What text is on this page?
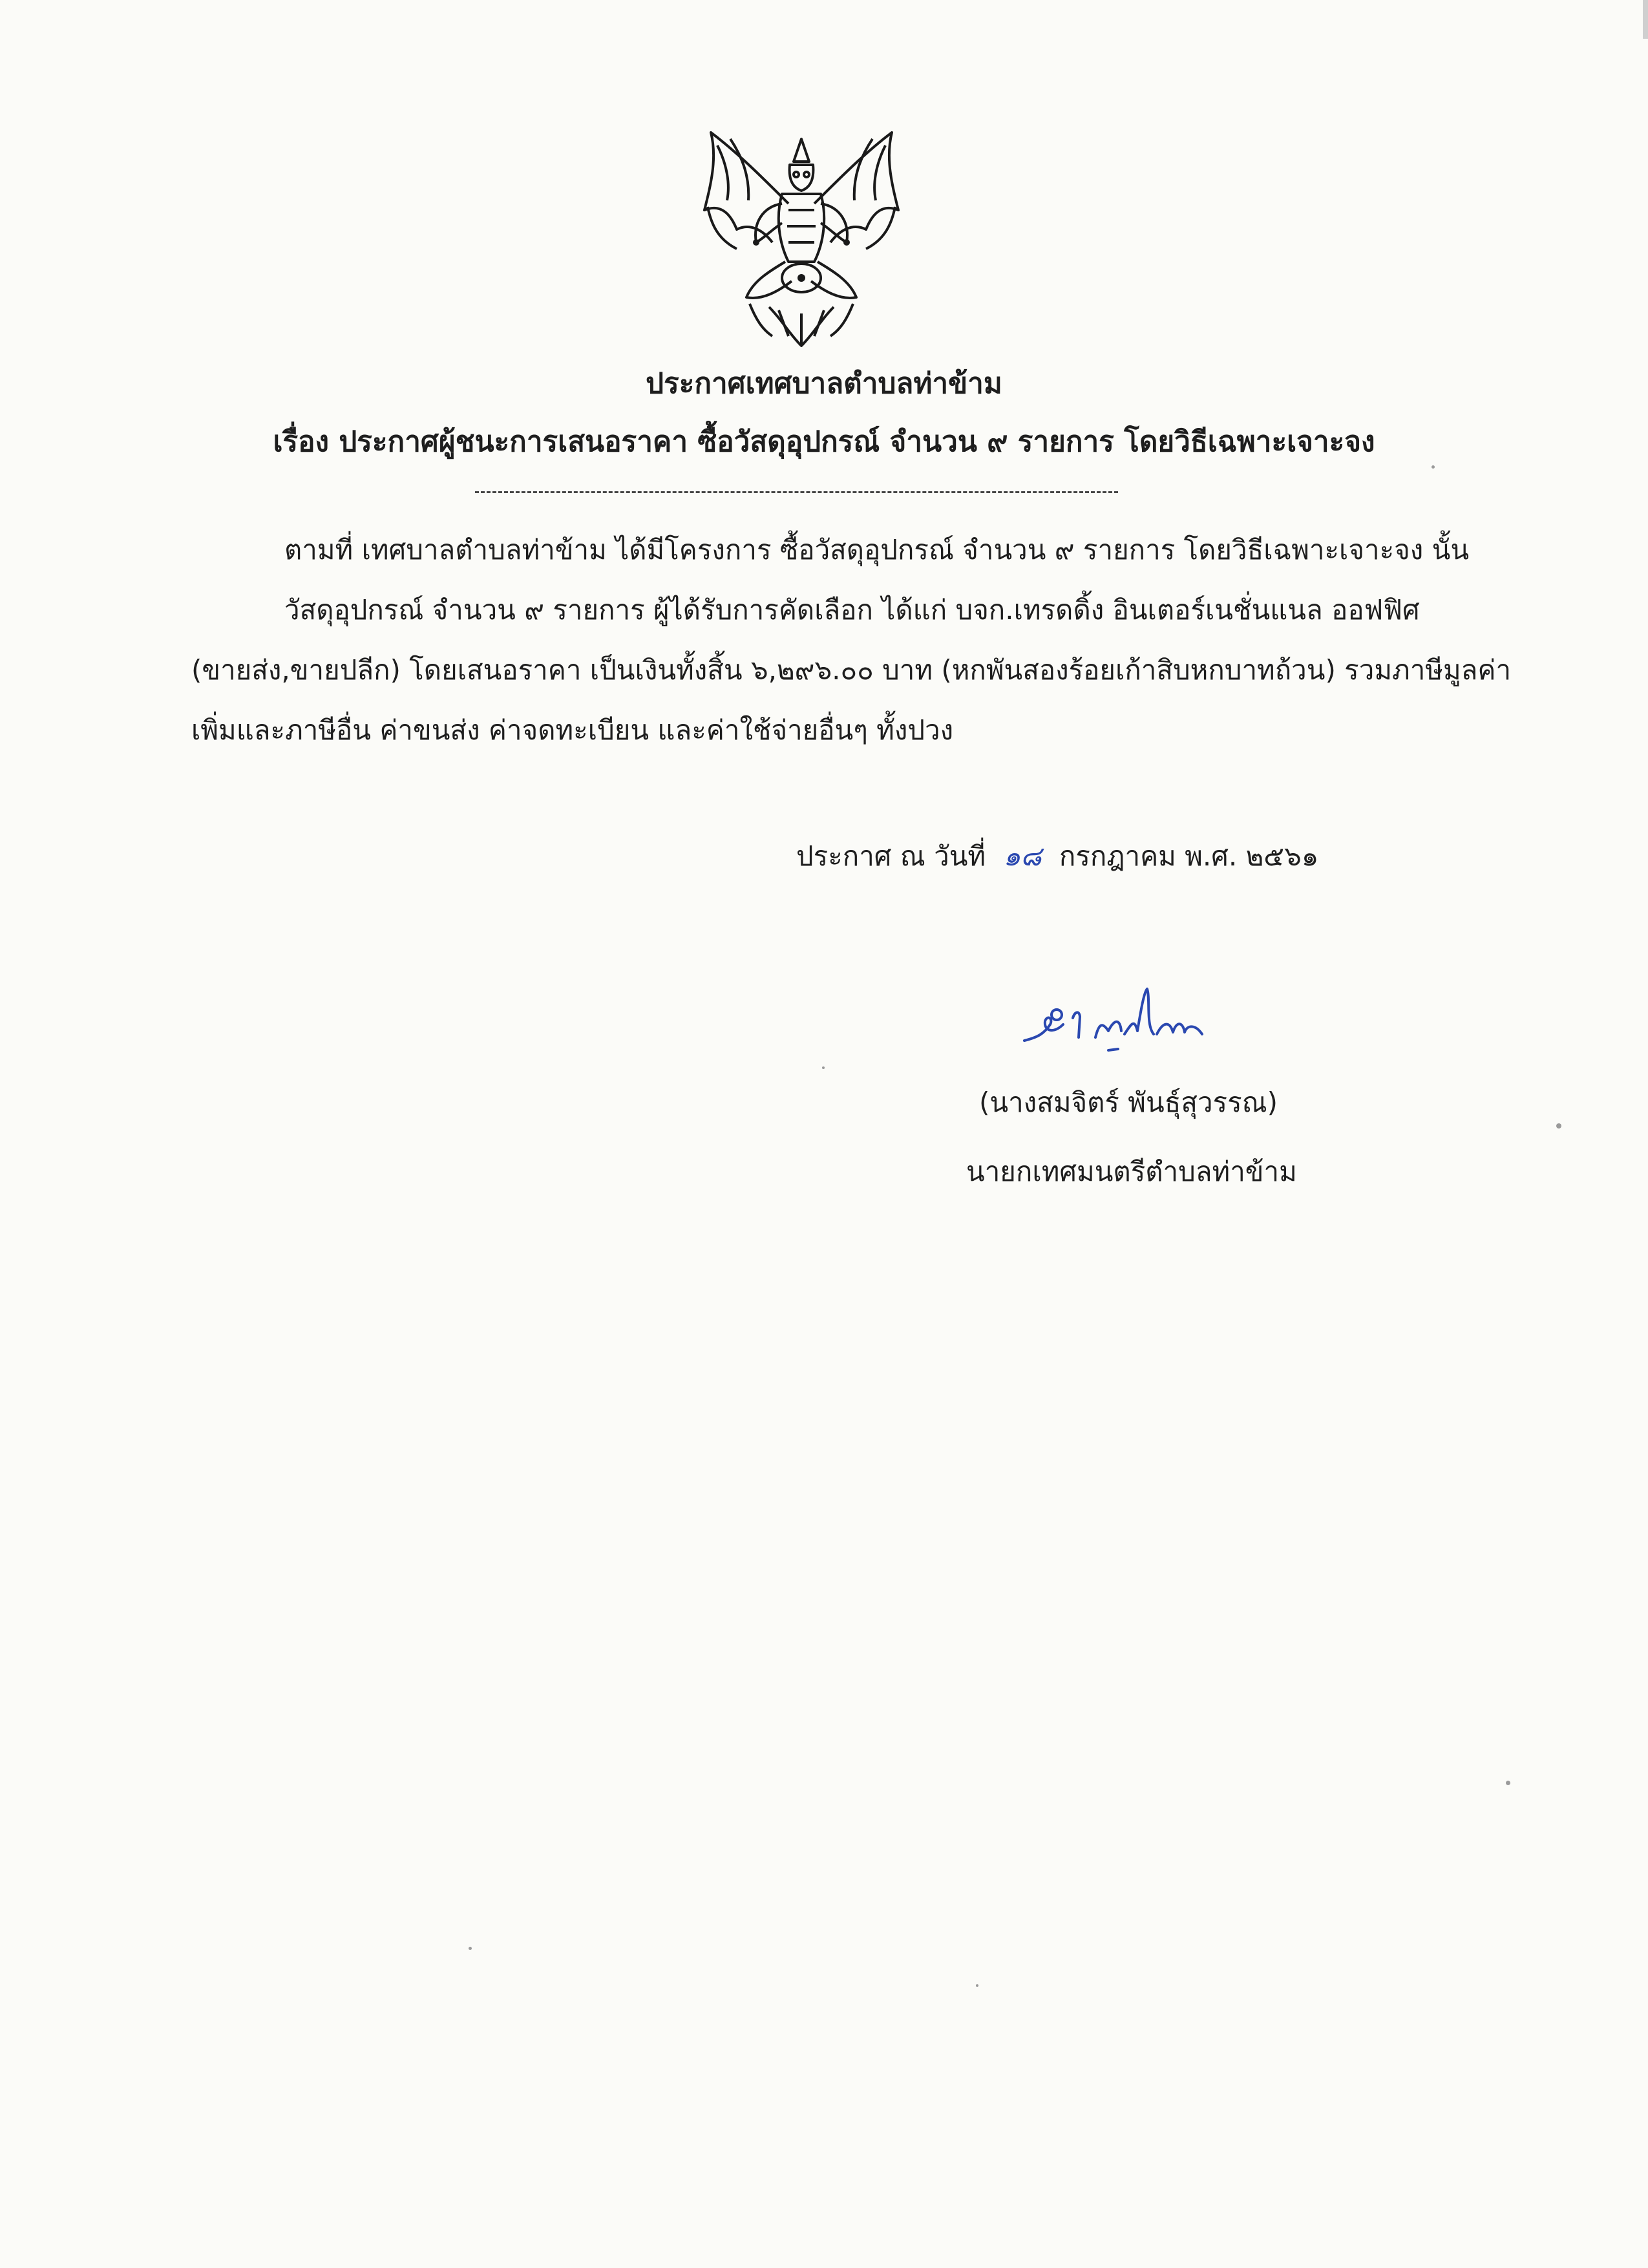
ประกาศเทศบาลตำบลท่าข้าม
เรื่อง ประกาศผู้ชนะการเสนอราคา ซื้อวัสดุอุปกรณ์ จำนวน ๙ รายการ โดยวิธีเฉพาะเจาะจง
ตามที่ เทศบาลตำบลท่าข้าม ได้มีโครงการ ซื้อวัสดุอุปกรณ์ จำนวน ๙ รายการ โดยวิธีเฉพาะเจาะจง นั้น
วัสดุอุปกรณ์ จำนวน ๙ รายการ ผู้ได้รับการคัดเลือก ได้แก่ บจก.เทรดดิ้ง อินเตอร์เนชั่นแนล ออฟฟิศ
(ขายส่ง,ขายปลีก) โดยเสนอราคา เป็นเงินทั้งสิ้น ๖,๒๙๖.๐๐ บาท (หกพันสองร้อยเก้าสิบหกบาทถ้วน) รวมภาษีมูลค่า
เพิ่มและภาษีอื่น ค่าขนส่ง ค่าจดทะเบียน และค่าใช้จ่ายอื่นๆ ทั้งปวง
ประกาศ ณ วันที่ ๑๘ กรกฎาคม พ.ศ. ๒๕๖๑
(นางสมจิตร์ พันธุ์สุวรรณ)
นายกเทศมนตรีตำบลท่าข้าม
